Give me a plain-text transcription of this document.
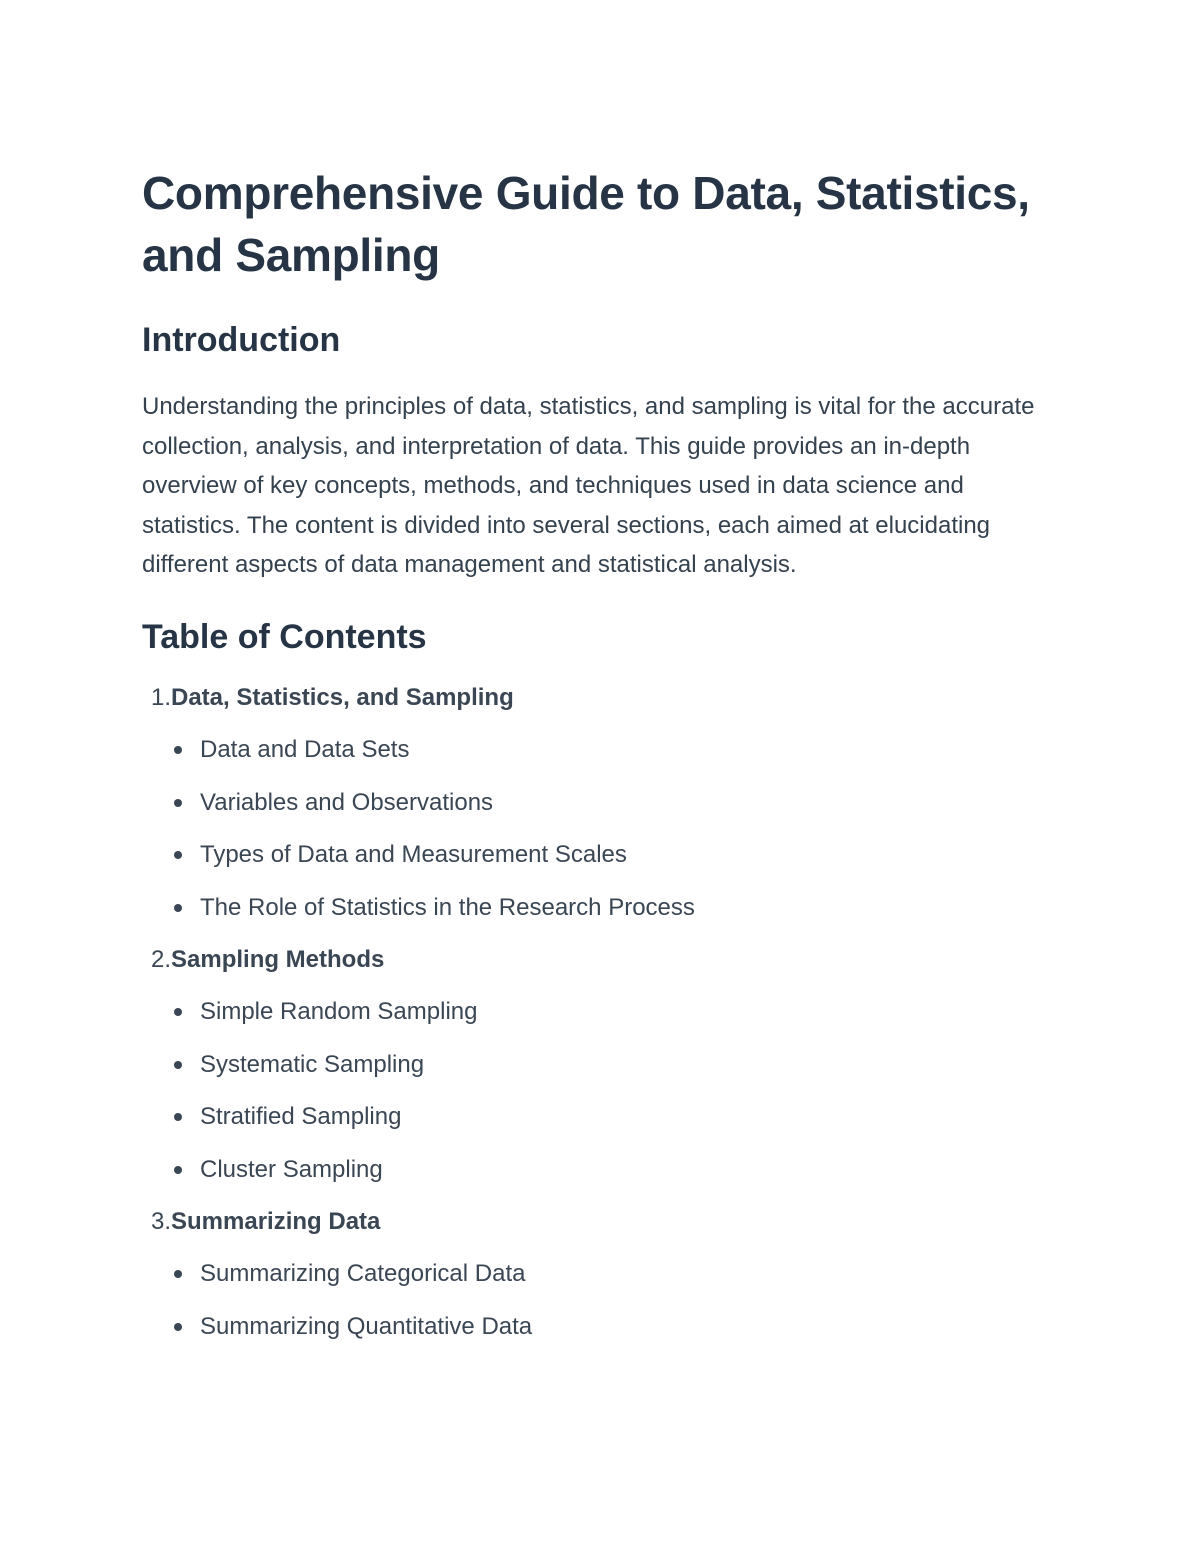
Comprehensive Guide to Data, Statistics, and Sampling
Introduction

Understanding the principles of data, statistics, and sampling is vital for the accurate collection, analysis, and interpretation of data. This guide provides an in-depth overview of key concepts, methods, and techniques used in data science and statistics. The content is divided into several sections, each aimed at elucidating different aspects of data management and statistical analysis.

Table of Contents
1. Data, Statistics, and Sampling
Data and Data Sets
Variables and Observations
Types of Data and Measurement Scales
The Role of Statistics in the Research Process
2. Sampling Methods
Simple Random Sampling
Systematic Sampling
Stratified Sampling
Cluster Sampling
3. Summarizing Data
Summarizing Categorical Data
Summarizing Quantitative Data
